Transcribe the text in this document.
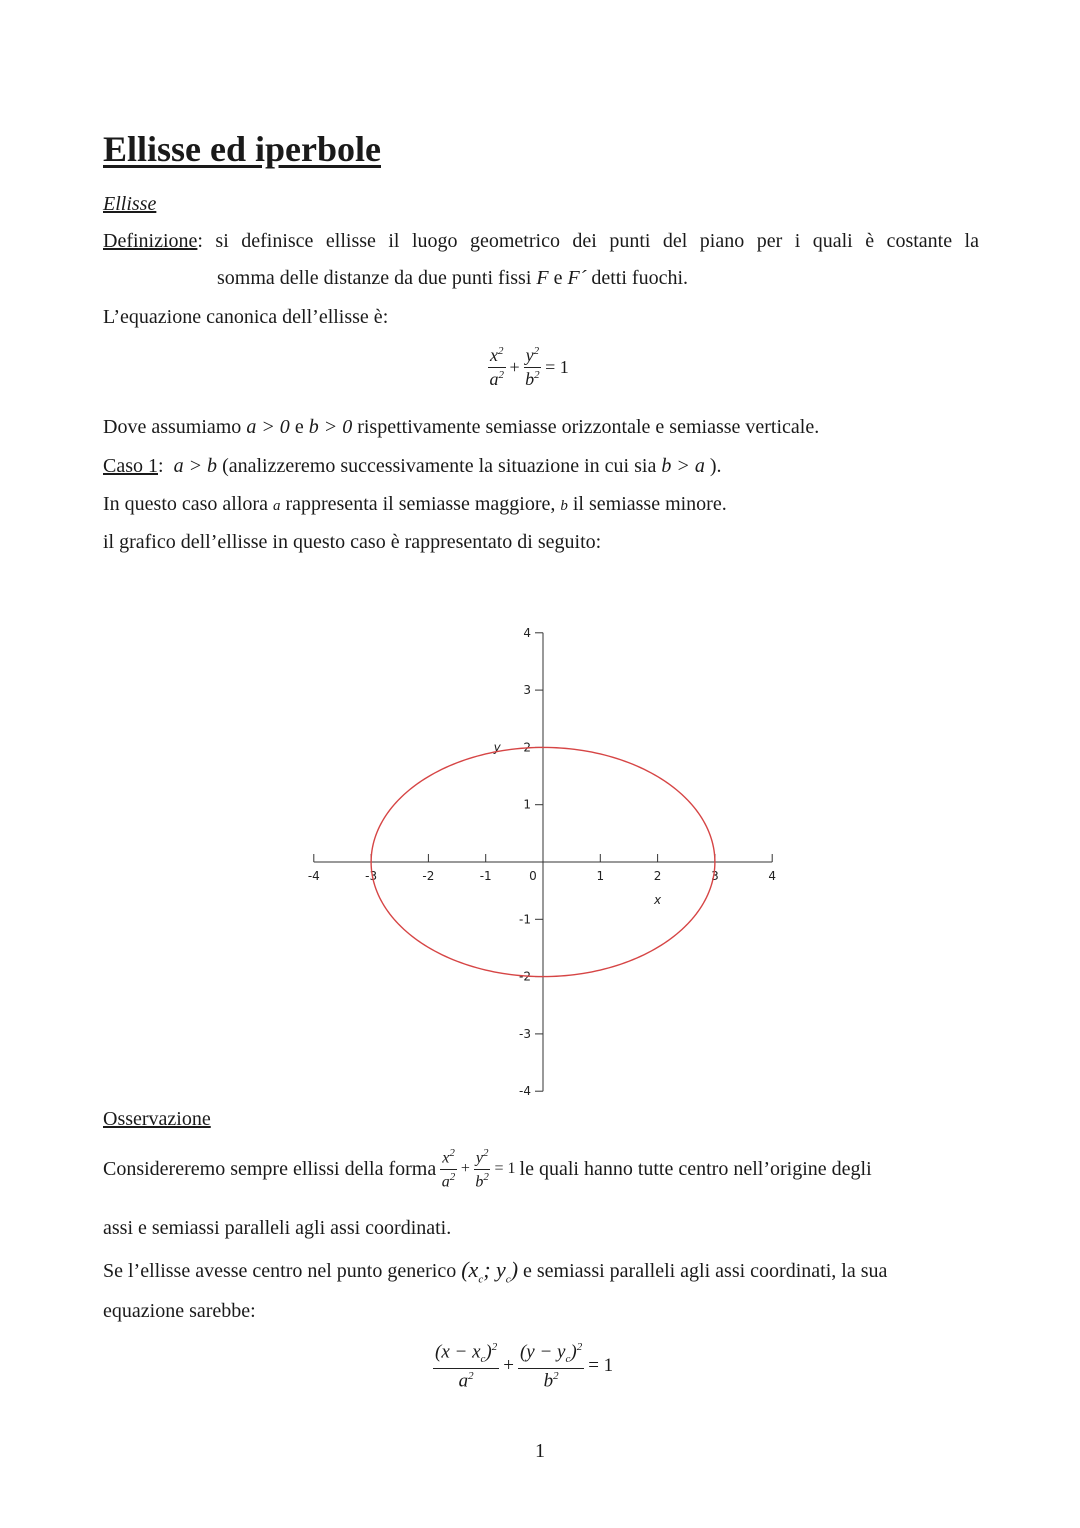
Ellisse ed iperbole
Ellisse
Definizione: si definisce ellisse il luogo geometrico dei punti del piano per i quali è costante la
somma delle distanze da due punti fissi F e F´ detti fuochi.
L’equazione canonica dell’ellisse è:
$\frac{x^2}{a^2} + \frac{y^2}{b^2} = 1$
Dove assumiamo a > 0 e b > 0 rispettivamente semiasse orizzontale e semiasse verticale.
Caso 1: a > b (analizzeremo successivamente la situazione in cui sia b > a ).
In questo caso allora a rappresenta il semiasse maggiore, b il semiasse minore.
il grafico dell’ellisse in questo caso è rappresentato di seguito:
-4	-3	-2	-1	0	1	2	3	4
4
3
2
1
-1
-2
-3
-4
x
y
Osservazione
Considereremo sempre ellissi della forma $\frac{x^2}{a^2} + \frac{y^2}{b^2} = 1$ le quali hanno tutte centro nell’origine degli
assi e semiassi paralleli agli assi coordinati.
Se l’ellisse avesse centro nel punto generico ($x_c$; $y_c$) e semiassi paralleli agli assi coordinati, la sua
equazione sarebbe:
$\frac{(x - x_c)^2}{a^2} + \frac{(y - y_c)^2}{b^2} = 1$
1
